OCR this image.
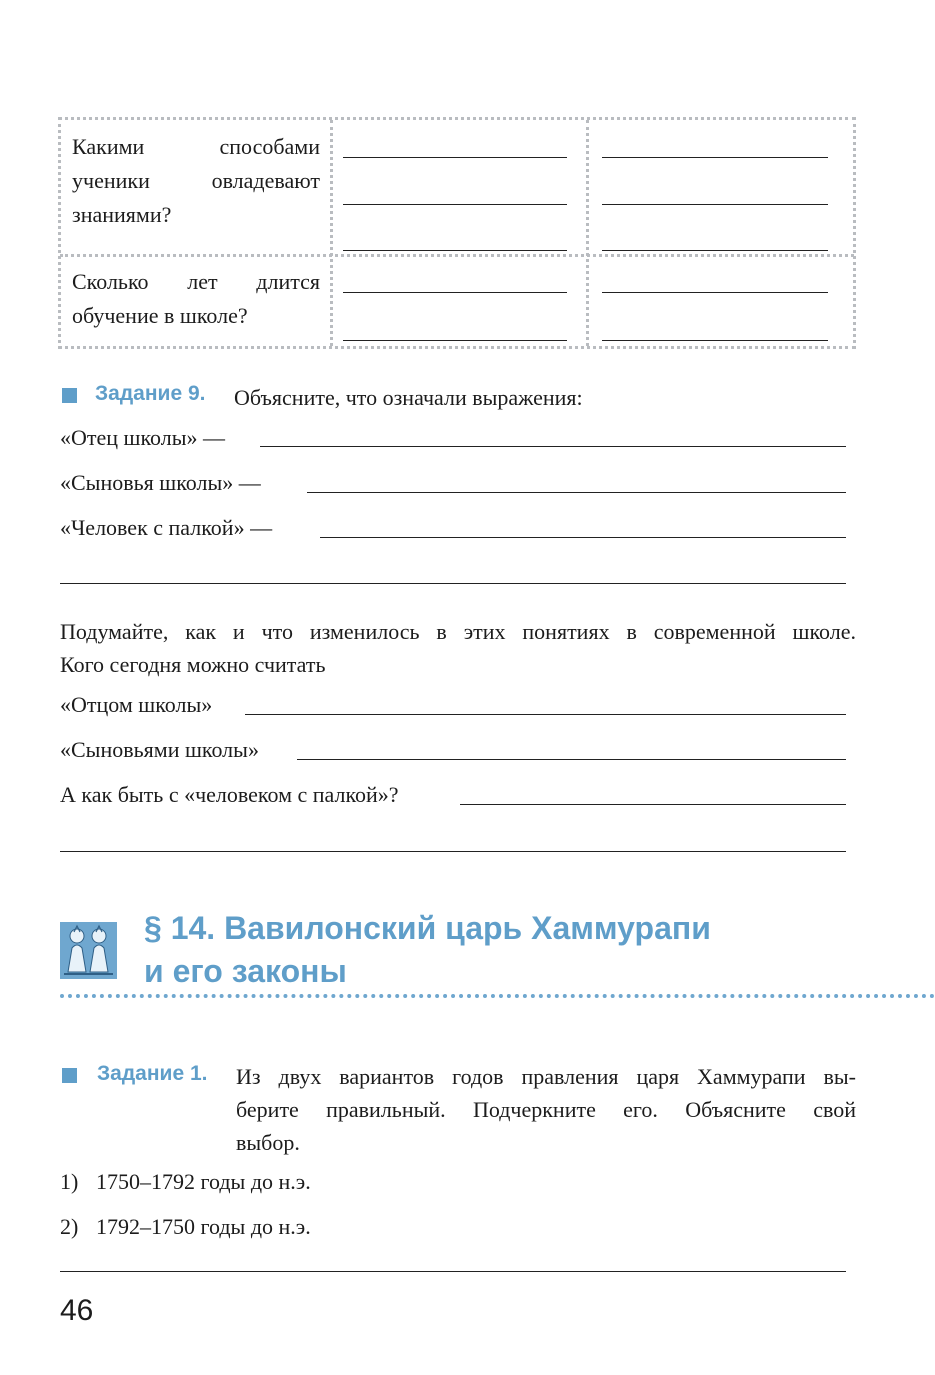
Какими способами
ученики овладевают
знаниями?
Сколько лет длится
обучение в школе?
Задание 9. Объясните, что означали выражения:
«Отец школы» —
«Сыновья школы» —
«Человек с палкой» —
Подумайте, как и что изменилось в этих понятиях в современной школе.
Кого сегодня можно считать
«Отцом школы»
«Сыновьями школы»
А как быть с «человеком с палкой»?
§ 14. Вавилонский царь Хаммурапи
и его законы
Задание 1. Из двух вариантов годов правления царя Хаммурапи вы-
берите правильный. Подчеркните его. Объясните свой
выбор.
1) 1750–1792 годы до н.э.
2) 1792–1750 годы до н.э.
46
